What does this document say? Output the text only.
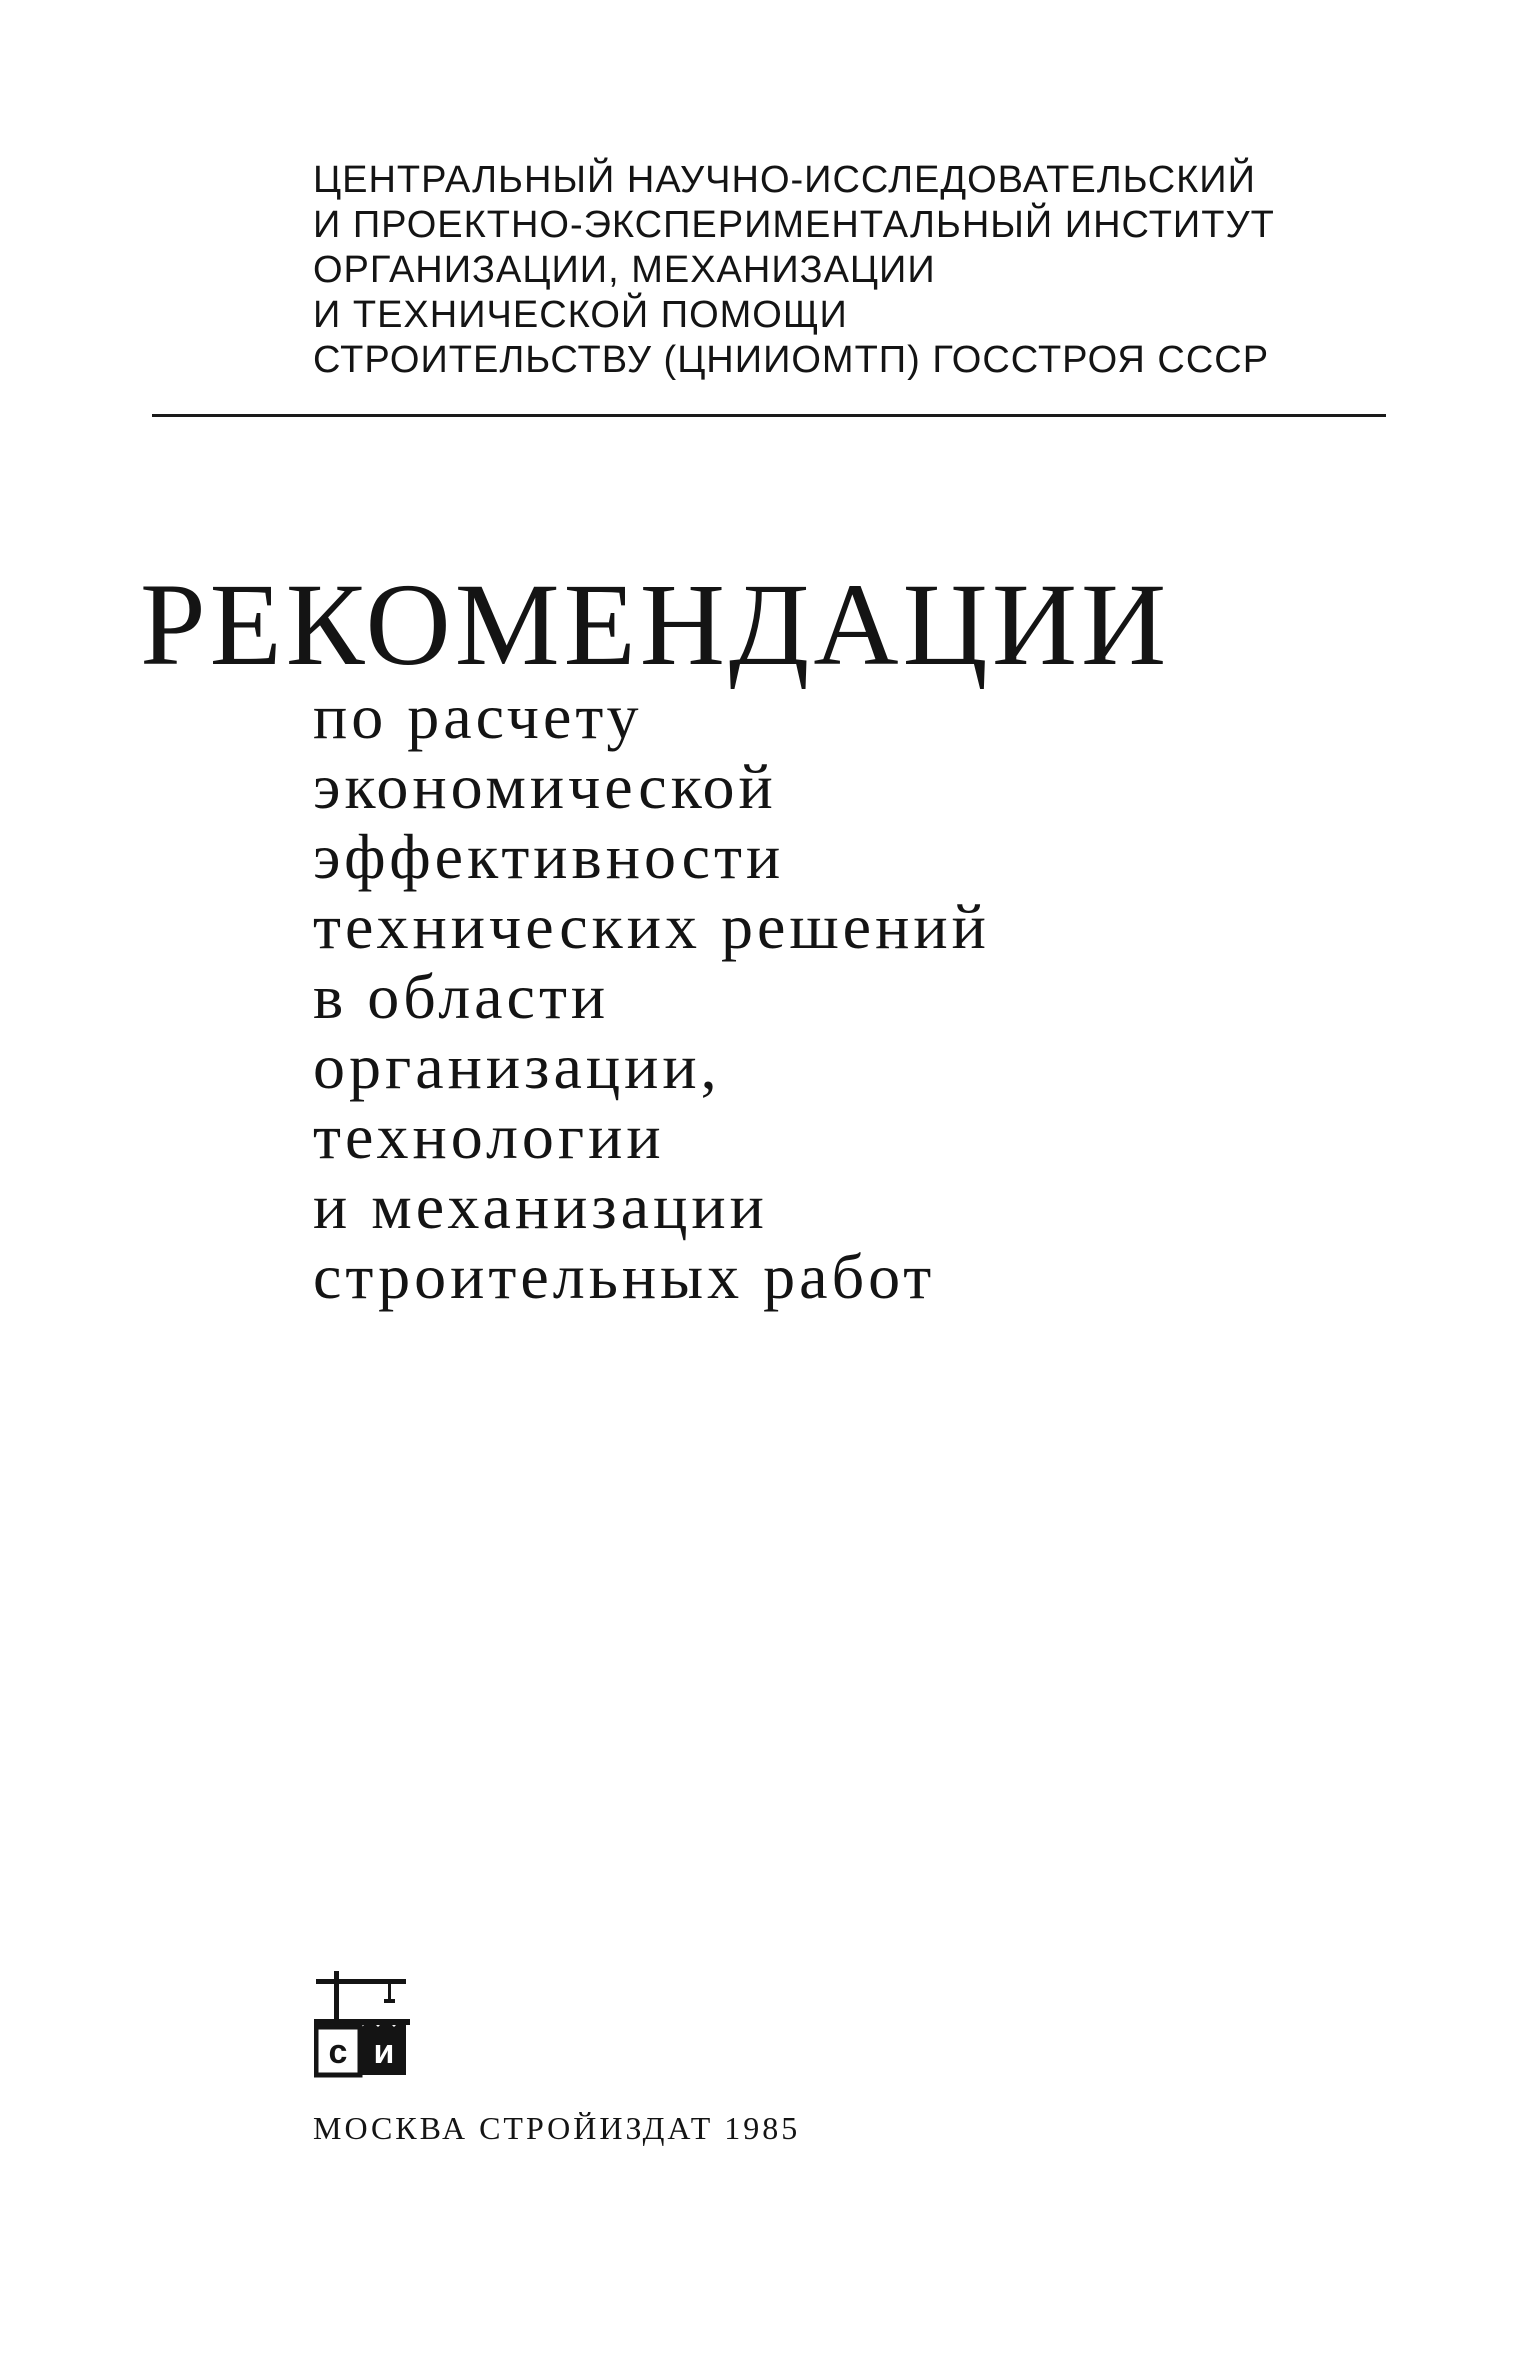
ЦЕНТРАЛЬНЫЙ НАУЧНО-ИССЛЕДОВАТЕЛЬСКИЙ
И ПРОЕКТНО-ЭКСПЕРИМЕНТАЛЬНЫЙ ИНСТИТУТ
ОРГАНИЗАЦИИ, МЕХАНИЗАЦИИ
И ТЕХНИЧЕСКОЙ ПОМОЩИ
СТРОИТЕЛЬСТВУ (ЦНИИОМТП) ГОССТРОЯ СССР
РЕКОМЕНДАЦИИ
по расчету
экономической
эффективности
технических решений
в области
организации,
технологии
и механизации
строительных работ
с и
МОСКВА СТРОЙИЗДАТ 1985
